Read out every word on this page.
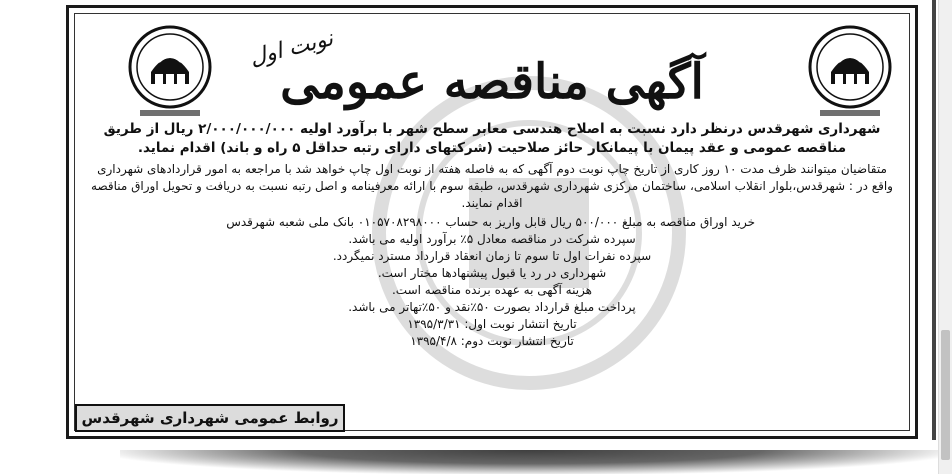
نوبت اول
آگهی مناقصه عمومی

شهرداری شهرقدس درنظر دارد نسبت به اصلاح هندسی معابر سطح شهر با برآورد اولیه ۲/۰۰۰/۰۰۰/۰۰۰ ریال از طریق مناقصه عمومی و عقد پیمان با پیمانکار حائز صلاحیت (شرکتهای دارای رتبه حداقل ۵ راه و باند) اقدام نماید.

متقاضیان میتوانند ظرف مدت ۱۰ روز کاری از تاریخ چاپ نوبت دوم آگهی که به فاصله هفته از نوبت اول چاپ خواهد شد با مراجعه به امور قراردادهای شهرداری واقع در : شهرقدس،بلوار انقلاب اسلامی، ساختمان مرکزی شهرداری شهرقدس، طبقه سوم با ارائه معرفینامه و اصل رتبه نسبت به دریافت و تحویل اوراق مناقصه اقدام نمایند.

خرید اوراق مناقصه به مبلغ ۵۰۰/۰۰۰ ریال قابل واریز به حساب ۰۱۰۵۷۰۸۲۹۸۰۰۰ بانک ملی شعبه شهرقدس
سپرده شرکت در مناقصه معادل ۵٪ برآورد اولیه می باشد.
سپرده نفرات اول تا سوم تا زمان انعقاد قرارداد مسترد نمیگردد.
شهرداری در رد یا قبول پیشنهادها مختار است.
هزینه آگهی به عهده برنده مناقصه است.
پرداخت مبلغ قرارداد بصورت ۵۰٪نقد و ۵۰٪تهاتر می باشد.
تاریخ انتشار نوبت اول: ۱۳۹۵/۳/۳۱
تاریخ انتشار نوبت دوم: ۱۳۹۵/۴/۸
روابط عمومی شهرداری شهرقدس
